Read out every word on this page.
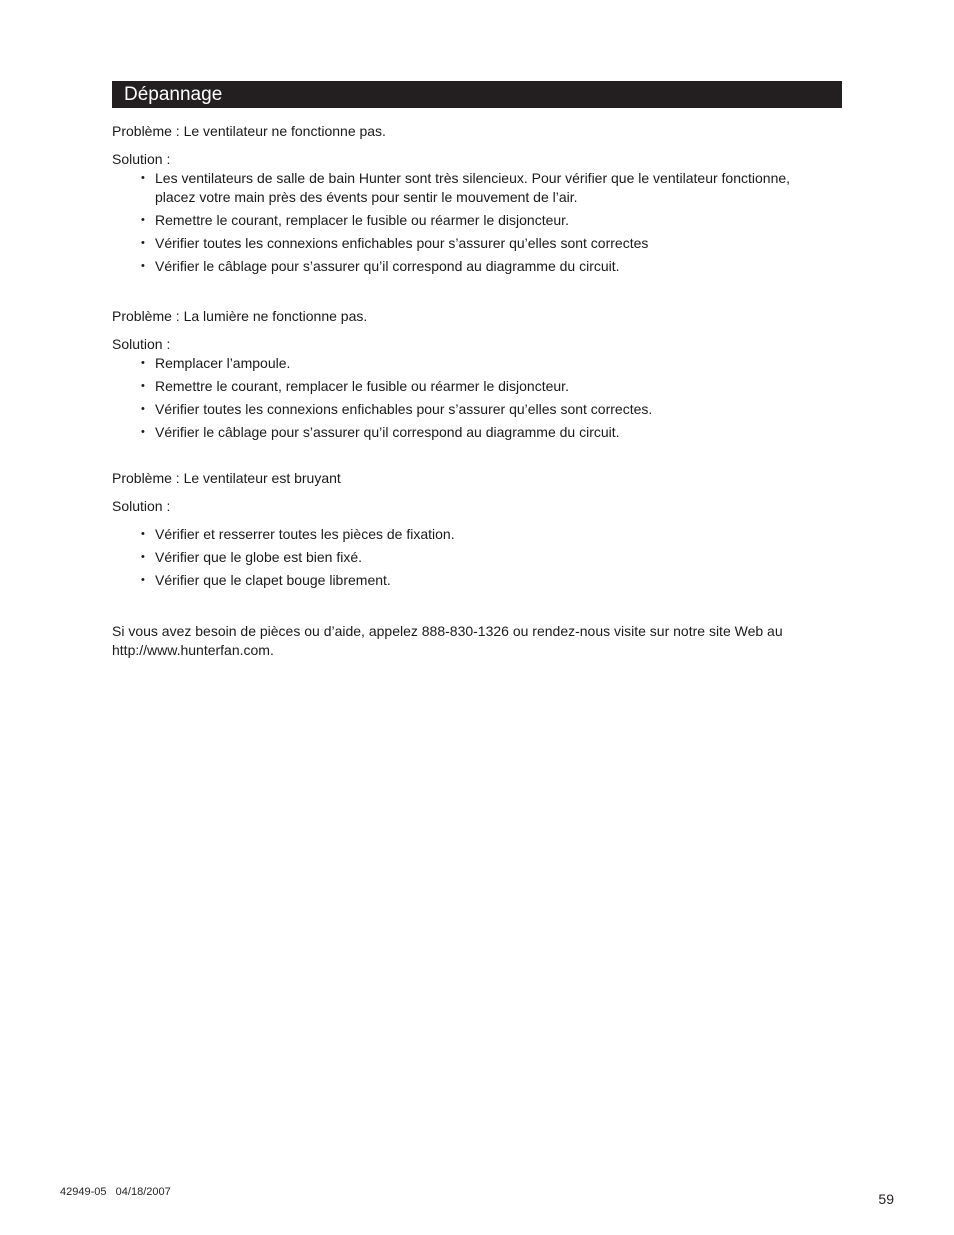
Dépannage

Problème : Le ventilateur ne fonctionne pas.

Solution :

• Les ventilateurs de salle de bain Hunter sont très silencieux. Pour vérifier que le ventilateur fonctionne, placez votre main près des évents pour sentir le mouvement de l’air.
• Remettre le courant, remplacer le fusible ou réarmer le disjoncteur.
• Vérifier toutes les connexions enfichables pour s’assurer qu’elles sont correctes
• Vérifier le câblage pour s’assurer qu’il correspond au diagramme du circuit.

Problème : La lumière ne fonctionne pas.

Solution :

• Remplacer l’ampoule.
• Remettre le courant, remplacer le fusible ou réarmer le disjoncteur.
• Vérifier toutes les connexions enfichables pour s’assurer qu’elles sont correctes.
• Vérifier le câblage pour s’assurer qu’il correspond au diagramme du circuit.

Problème : Le ventilateur est bruyant

Solution :

• Vérifier et resserrer toutes les pièces de fixation.
• Vérifier que le globe est bien fixé.
• Vérifier que le clapet bouge librement.

Si vous avez besoin de pièces ou d’aide, appelez 888-830-1326 ou rendez-nous visite sur notre site Web au http://www.hunterfan.com.

42949-05 04/18/2007	59
